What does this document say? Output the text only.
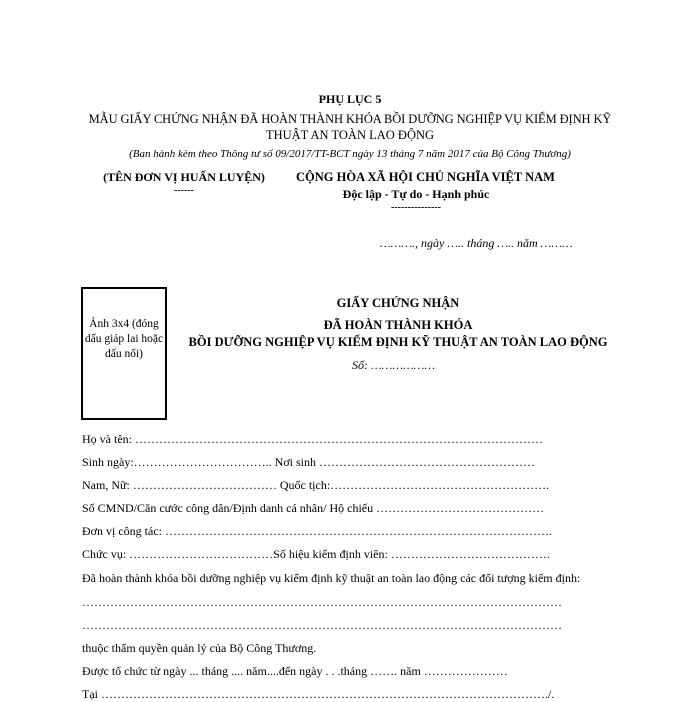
PHỤ LỤC 5
MẪU GIẤY CHỨNG NHẬN ĐÃ HOÀN THÀNH KHÓA BỒI DƯỠNG NGHIỆP VỤ KIỂM ĐỊNH KỸ
THUẬT AN TOÀN LAO ĐỘNG
(Ban hành kèm theo Thông tư số 09/2017/TT-BCT ngày 13 tháng 7 năm 2017 của Bộ Công Thương)
(TÊN ĐƠN VỊ HUẤN LUYỆN)
------
CỘNG HÒA XÃ HỘI CHỦ NGHĨA VIỆT NAM
Độc lập - Tự do - Hạnh phúc
---------------
………., ngày ….. tháng ….. năm ………
Ảnh 3x4 (đóng dấu giáp lai hoặc dấu nổi)
GIẤY CHỨNG NHẬN
ĐÃ HOÀN THÀNH KHÓA
BỒI DƯỠNG NGHIỆP VỤ KIỂM ĐỊNH KỸ THUẬT AN TOÀN LAO ĐỘNG
Số: ………………
Họ và tên: …………………………………………………………………………………………
Sinh ngày:…………………………….. Nơi sinh ………………………………………………
Nam, Nữ: ……………………………… Quốc tịch:……………………………………………….
Số CMND/Căn cước công dân/Định danh cá nhân/ Hộ chiếu ……………………………………
Đơn vị công tác: …………………………………………………………………………………….
Chức vụ: ………………………………Số hiệu kiểm định viên: ………………………………….
Đã hoàn thành khóa bồi dưỡng nghiệp vụ kiểm định kỹ thuật an toàn lao động các đối tượng kiểm định:
…………………………………………………………………………………………………………
…………………………………………………………………………………………………………
thuộc thẩm quyền quản lý của Bộ Công Thương.
Được tổ chức từ ngày ... tháng .... năm....đến ngày . . .tháng ……. năm …………………
Tại …………………………………………………………………………………………………./.
